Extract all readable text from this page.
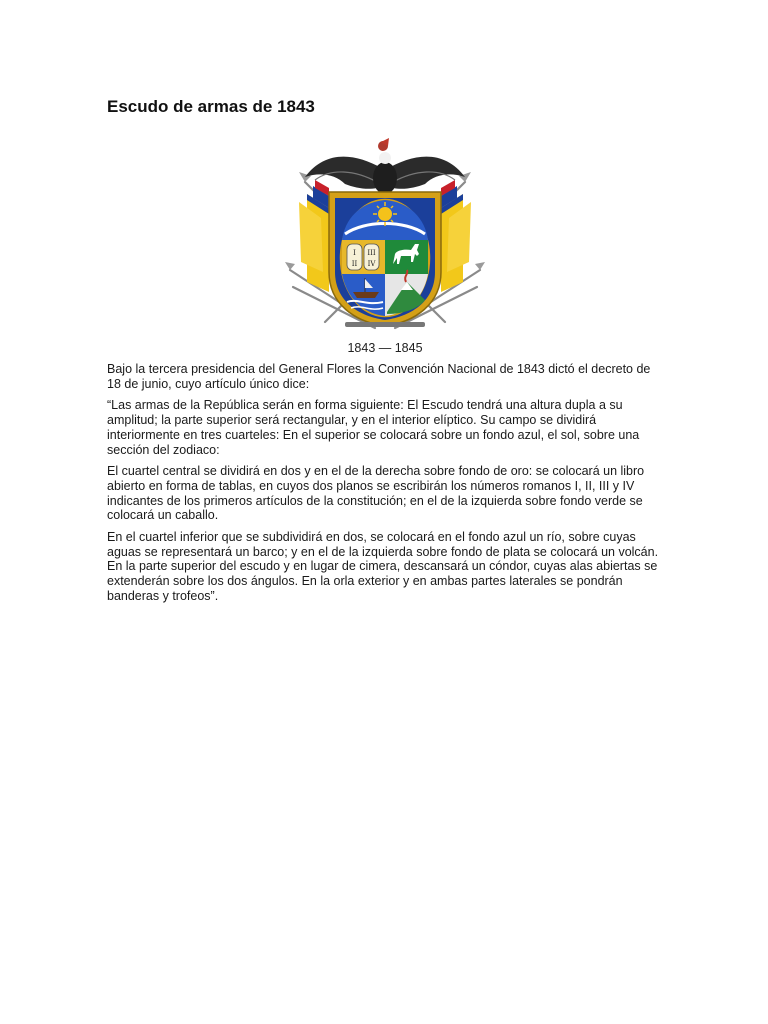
Escudo de armas de 1843
I III
II IV
1843 — 1845

Bajo la tercera presidencia del General Flores la Convención Nacional de 1843 dictó el decreto de 18 de junio, cuyo artículo único dice:

“Las armas de la República serán en forma siguiente: El Escudo tendrá una altura dupla a su amplitud; la parte superior será rectangular, y en el interior elíptico. Su campo se dividirá interiormente en tres cuarteles: En el superior se colocará sobre un fondo azul, el sol, sobre una sección del zodiaco:

El cuartel central se dividirá en dos y en el de la derecha sobre fondo de oro: se colocará un libro abierto en forma de tablas, en cuyos dos planos se escribirán los números romanos I, II, III y IV indicantes de los primeros artículos de la constitución; en el de la izquierda sobre fondo verde se colocará un caballo.

En el cuartel inferior que se subdividirá en dos, se colocará en el fondo azul un río, sobre cuyas aguas se representará un barco; y en el de la izquierda sobre fondo de plata se colocará un volcán. En la parte superior del escudo y en lugar de cimera, descansará un cóndor, cuyas alas abiertas se extenderán sobre los dos ángulos. En la orla exterior y en ambas partes laterales se pondrán banderas y trofeos”.
